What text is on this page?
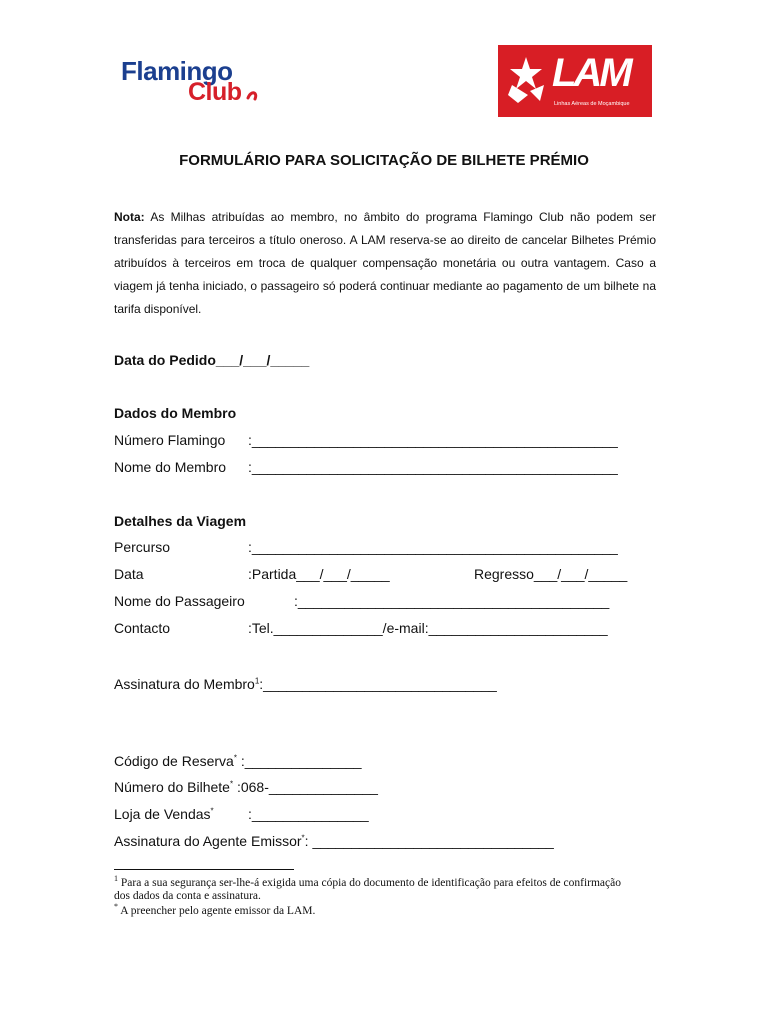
Flamingo

Club

	LAM

Linhas Aéreas de Moçambique

FORMULÁRIO PARA SOLICITAÇÃO DE BILHETE PRÉMIO
Nota: As Milhas atribuídas ao membro, no âmbito do programa Flamingo Club não podem ser transferidas para terceiros a título oneroso. A LAM reserva-se ao direito de cancelar Bilhetes Prémio atribuídos à terceiros em troca de qualquer compensação monetária ou outra vantagem. Caso a viagem já tenha iniciado, o passageiro só poderá continuar mediante ao pagamento de um bilhete na tarifa disponível.
Data do Pedido___/___/_____
Dados do Membro
Número Flamingo :_______________________________________________
Nome do Membro :_______________________________________________
Detalhes da Viagem
Percurso	:_______________________________________________
Data	:Partida___/___/_____	Regresso___/___/_____
Nome do Passageiro	:________________________________________
Contacto	:Tel.______________/e-mail:_______________________
Assinatura do Membro$^1$:______________________________
Código de Reserva* :_______________
Número do Bilhete* :068-______________
Loja de Vendas* :_______________
Assinatura do Agente Emissor*: _______________________________
$^1$ Para a sua segurança ser-lhe-á exigida uma cópia do documento de identificação para efeitos de confirmação dos dados da conta e assinatura.
* A preencher pelo agente emissor da LAM.
